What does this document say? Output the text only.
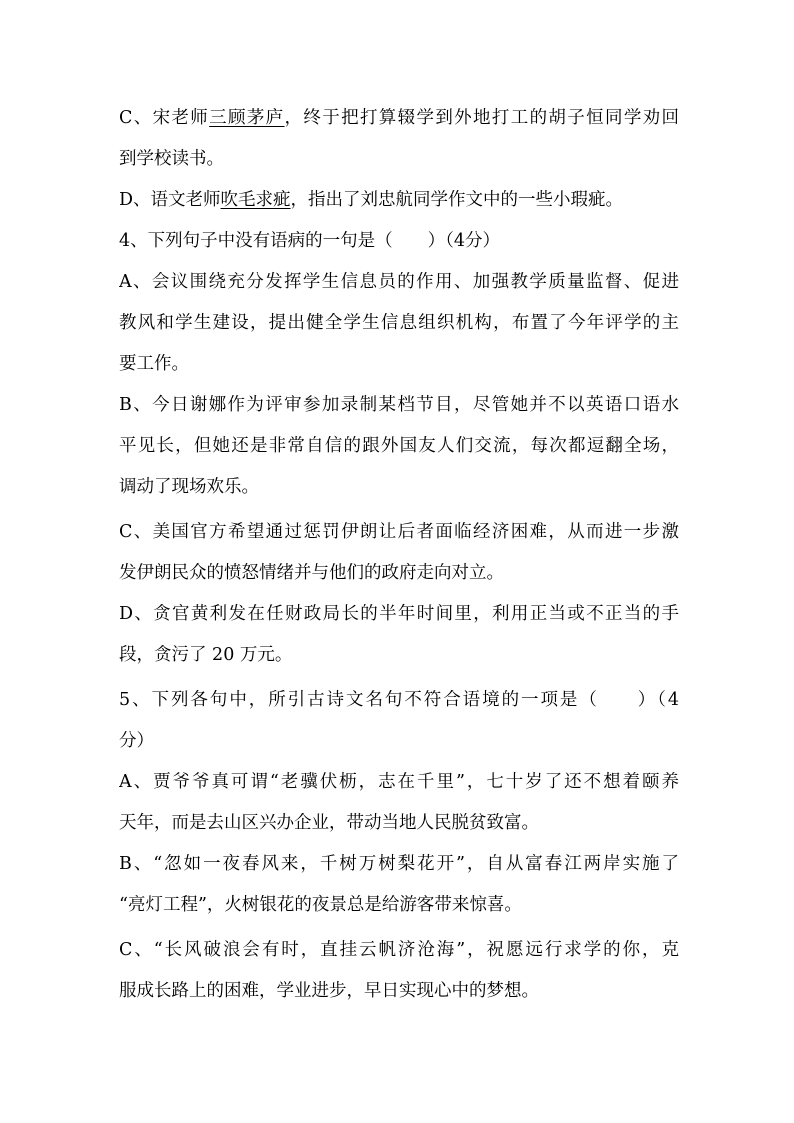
C、宋老师三顾茅庐，终于把打算辍学到外地打工的胡子恒同学劝回
到学校读书。
D、语文老师吹毛求疵，指出了刘忠航同学作文中的一些小瑕疵。
4、下列句子中没有语病的一句是（　　）（4分）
A、会议围绕充分发挥学生信息员的作用、加强教学质量监督、促进
教风和学生建设，提出健全学生信息组织机构，布置了今年评学的主
要工作。
B、今日谢娜作为评审参加录制某档节目，尽管她并不以英语口语水
平见长，但她还是非常自信的跟外国友人们交流，每次都逗翻全场，
调动了现场欢乐。
C、美国官方希望通过惩罚伊朗让后者面临经济困难，从而进一步激
发伊朗民众的愤怒情绪并与他们的政府走向对立。
D、贪官黄利发在任财政局长的半年时间里，利用正当或不正当的手
段，贪污了 20 万元。
5、下列各句中，所引古诗文名句不符合语境的一项是（　　）（4
分）
A、贾爷爷真可谓“老骥伏枥，志在千里”，七十岁了还不想着颐养
天年，而是去山区兴办企业，带动当地人民脱贫致富。
B、“忽如一夜春风来，千树万树梨花开”，自从富春江两岸实施了
“亮灯工程”，火树银花的夜景总是给游客带来惊喜。
C、“长风破浪会有时，直挂云帆济沧海”，祝愿远行求学的你，克
服成长路上的困难，学业进步，早日实现心中的梦想。
